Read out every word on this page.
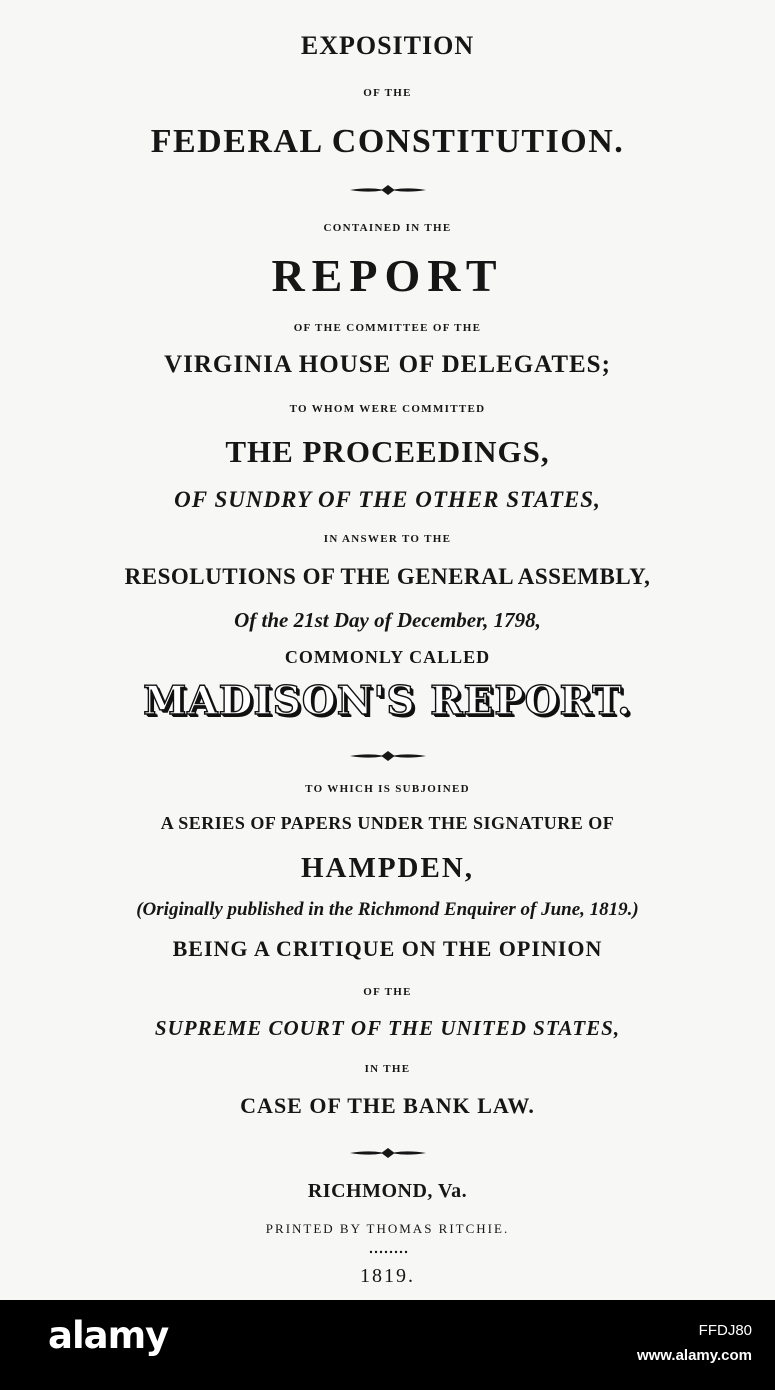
EXPOSITION

OF THE

FEDERAL CONSTITUTION.

CONTAINED IN THE

REPORT

OF THE COMMITTEE OF THE

VIRGINIA HOUSE OF DELEGATES;

TO WHOM WERE COMMITTED

THE PROCEEDINGS,

OF SUNDRY OF THE OTHER STATES,

IN ANSWER TO THE

RESOLUTIONS OF THE GENERAL ASSEMBLY,

Of the 21st Day of December, 1798,

COMMONLY CALLED

MADISON'S REPORT.

TO WHICH IS SUBJOINED

A SERIES OF PAPERS UNDER THE SIGNATURE OF

HAMPDEN,

(Originally published in the Richmond Enquirer of June, 1819.)

BEING A CRITIQUE ON THE OPINION

OF THE

SUPREME COURT OF THE UNITED STATES,

IN THE

CASE OF THE BANK LAW.

RICHMOND, Va.

PRINTED BY THOMAS RITCHIE.

1819.

alamy	FFDJ80
www.alamy.com
